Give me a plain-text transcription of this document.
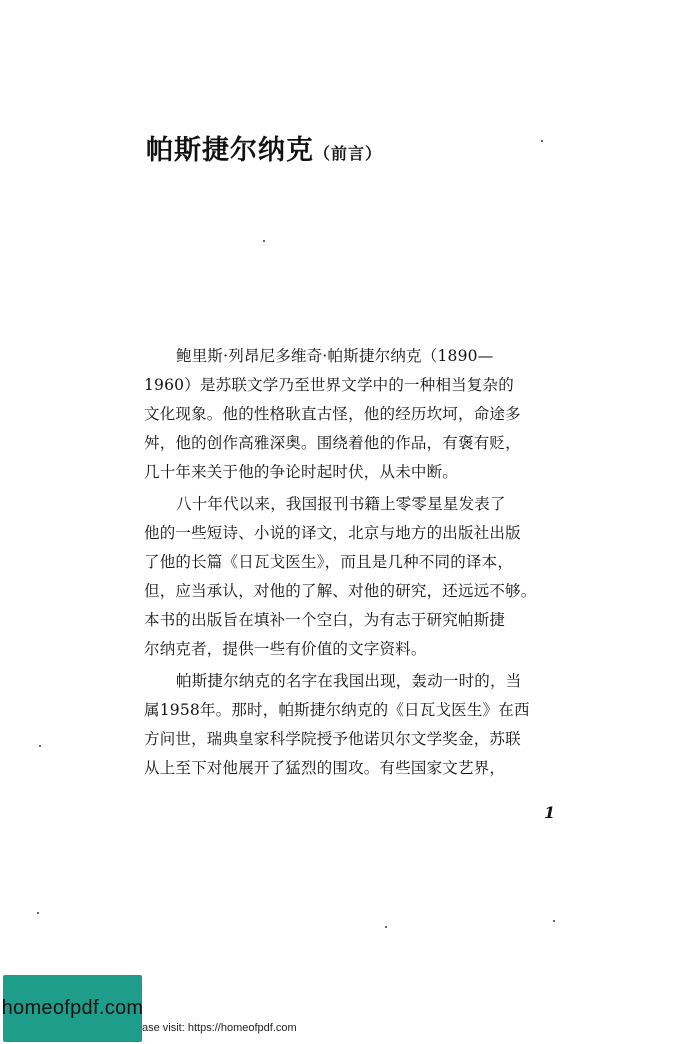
帕斯捷尔纳克（前言）
鲍里斯·列昂尼多维奇·帕斯捷尔纳克（1890—
1960）是苏联文学乃至世界文学中的一种相当复杂的
文化现象。他的性格耿直古怪，他的经历坎坷，命途多
舛，他的创作高雅深奥。围绕着他的作品，有褒有贬，
几十年来关于他的争论时起时伏，从未中断。
八十年代以来，我国报刊书籍上零零星星发表了
他的一些短诗、小说的译文，北京与地方的出版社出版
了他的长篇《日瓦戈医生》，而且是几种不同的译本，
但，应当承认，对他的了解、对他的研究，还远远不够。
本书的出版旨在填补一个空白，为有志于研究帕斯捷
尔纳克者，提供一些有价值的文字资料。
帕斯捷尔纳克的名字在我国出现，轰动一时的，当
属1958年。那时，帕斯捷尔纳克的《日瓦戈医生》在西
方问世，瑞典皇家科学院授予他诺贝尔文学奖金，苏联
从上至下对他展开了猛烈的围攻。有些国家文艺界，
1
homeofpdf.com
ase visit: https://homeofpdf.com
